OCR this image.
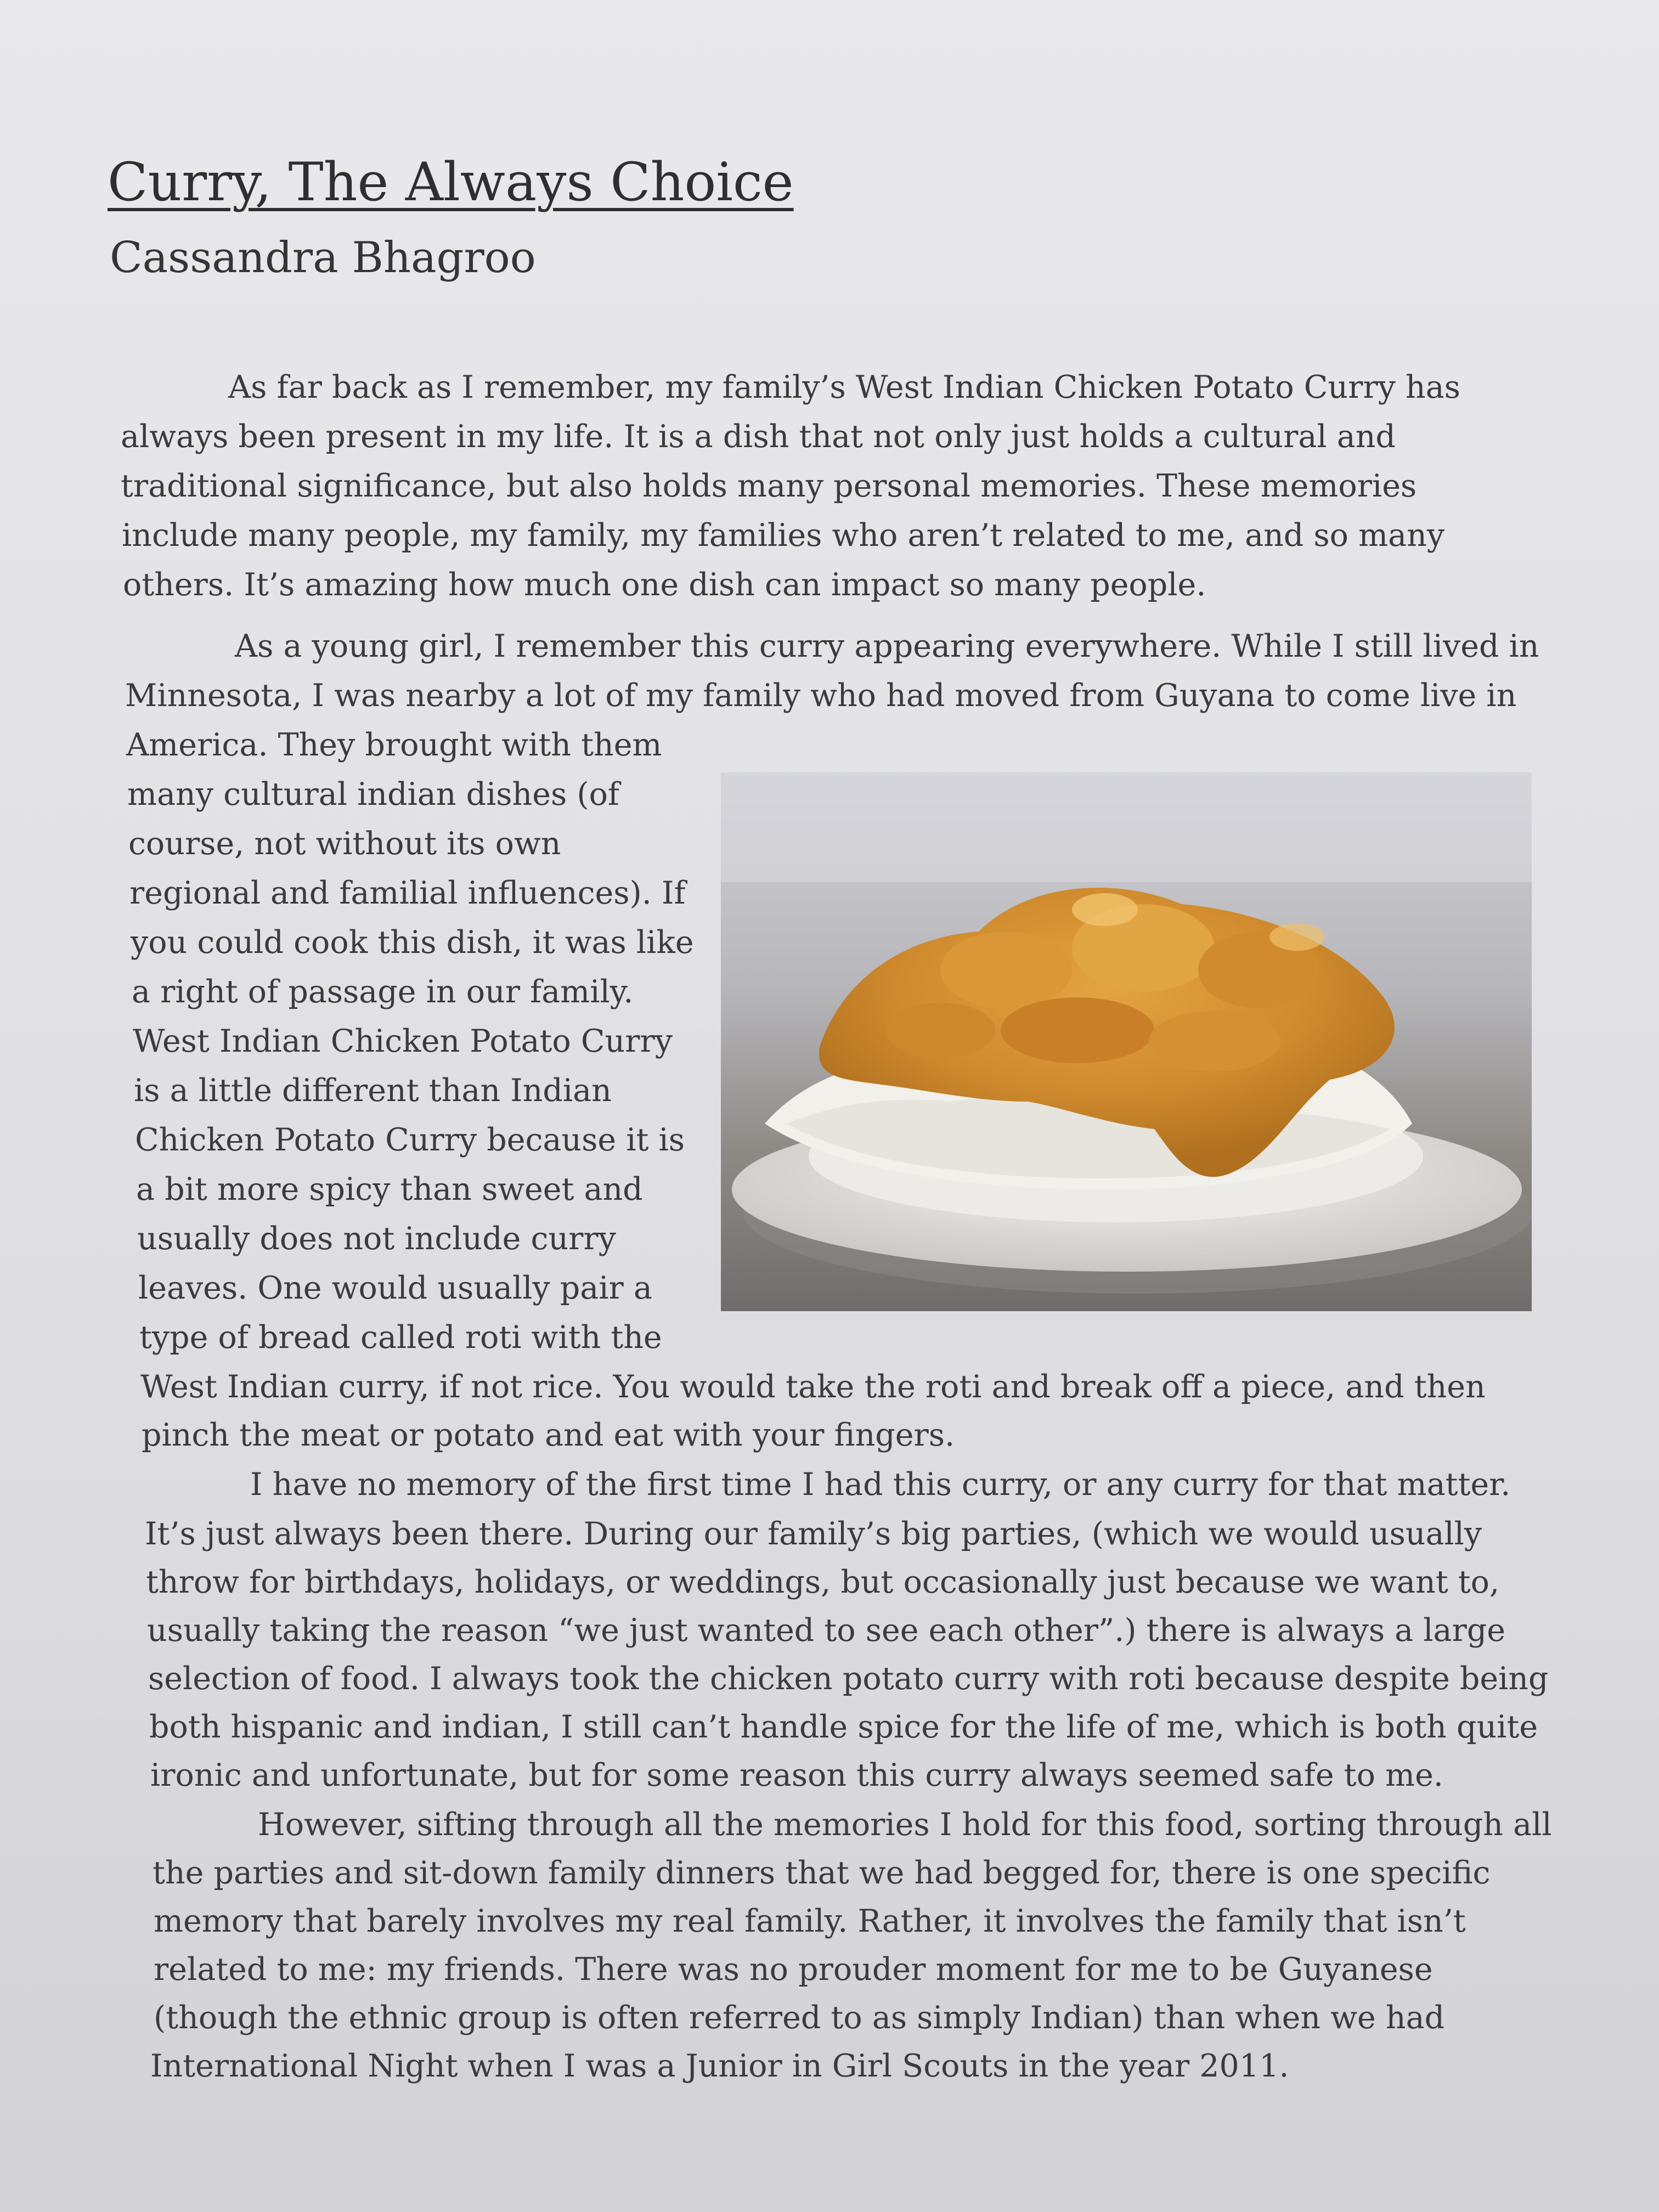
Curry, The Always Choice

Cassandra Bhagroo

As far back as I remember, my family’s West Indian Chicken Potato Curry has

always been present in my life. It is a dish that not only just holds a cultural and

traditional significance, but also holds many personal memories. These memories

include many people, my family, my families who aren’t related to me, and so many

others. It’s amazing how much one dish can impact so many people.

As a young girl, I remember this curry appearing everywhere. While I still lived in

Minnesota, I was nearby a lot of my family who had moved from Guyana to come live in

America. They brought with them

many cultural indian dishes (of

course, not without its own

regional and familial influences). If

you could cook this dish, it was like

a right of passage in our family.

West Indian Chicken Potato Curry

is a little different than Indian

Chicken Potato Curry because it is

a bit more spicy than sweet and

usually does not include curry

leaves. One would usually pair a

type of bread called roti with the

West Indian curry, if not rice. You would take the roti and break off a piece, and then

pinch the meat or potato and eat with your fingers.

I have no memory of the first time I had this curry, or any curry for that matter.

It’s just always been there. During our family’s big parties, (which we would usually

throw for birthdays, holidays, or weddings, but occasionally just because we want to,

usually taking the reason “we just wanted to see each other”.) there is always a large

selection of food. I always took the chicken potato curry with roti because despite being

both hispanic and indian, I still can’t handle spice for the life of me, which is both quite

ironic and unfortunate, but for some reason this curry always seemed safe to me.

However, sifting through all the memories I hold for this food, sorting through all

the parties and sit-down family dinners that we had begged for, there is one specific

memory that barely involves my real family. Rather, it involves the family that isn’t

related to me: my friends. There was no prouder moment for me to be Guyanese

(though the ethnic group is often referred to as simply Indian) than when we had

International Night when I was a Junior in Girl Scouts in the year 2011.
